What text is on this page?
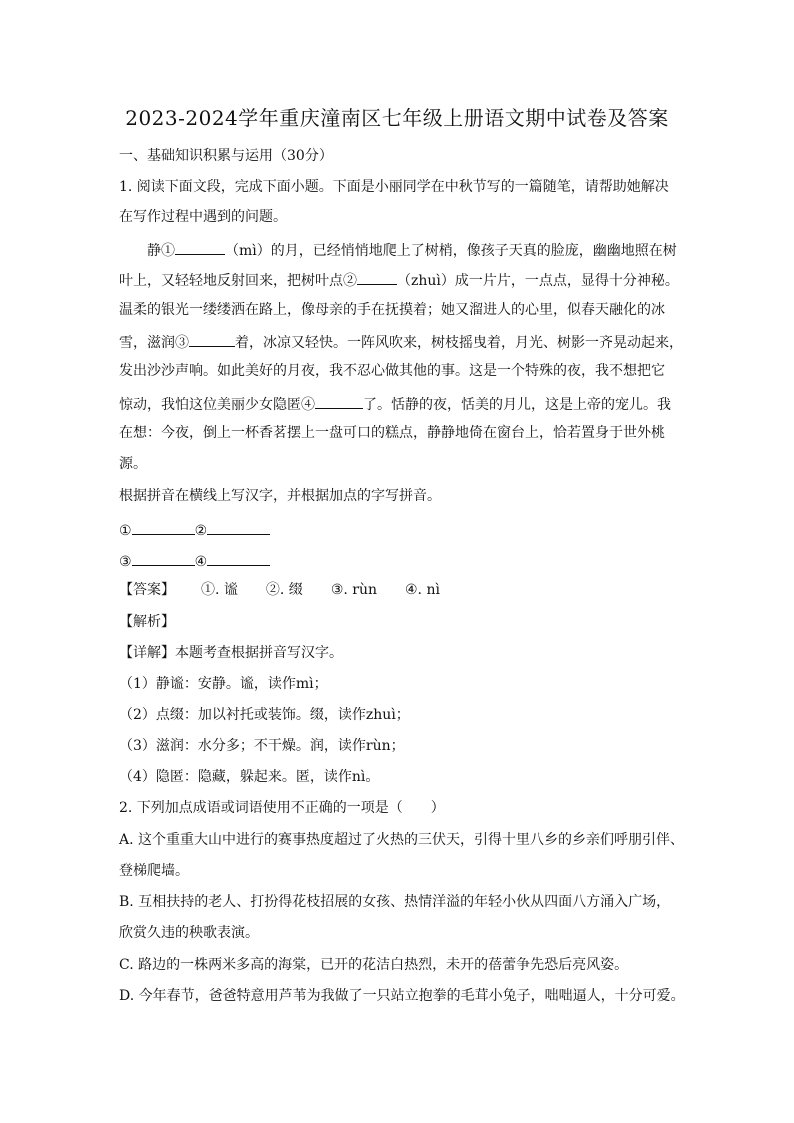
2023-2024学年重庆潼南区七年级上册语文期中试卷及答案
一、基础知识积累与运用（30分）
1. 阅读下面文段，完成下面小题。下面是小丽同学在中秋节写的一篇随笔，请帮助她解决
在写作过程中遇到的问题。
静①	（mì）的月，已经悄悄地爬上了树梢，像孩子天真的脸庞，幽幽地照在树
叶上，又轻轻地反射回来，把树叶点②	（zhuì）成一片片，一点点，显得十分神秘。
温柔的银光一缕缕洒在路上，像母亲的手在抚摸着；她又溜进人的心里，似春天融化的冰
雪，滋润③	着，冰凉又轻快。一阵风吹来，树枝摇曳着，月光、树影一齐晃动起来，
发出沙沙声响。如此美好的月夜，我不忍心做其他的事。这是一个特殊的夜，我不想把它
惊动，我怕这位美丽少女隐匿④	了。恬静的夜，恬美的月儿，这是上帝的宠儿。我
在想：今夜，倒上一杯香茗摆上一盘可口的糕点，静静地倚在窗台上，恰若置身于世外桃
源。
根据拼音在横线上写汉字，并根据加点的字写拼音。
①	②
③	④
【答案】 ①. 谧 ②. 缀 ③. rùn ④. nì
【解析】
【详解】本题考查根据拼音写汉字。
（1）静谧：安静。谧，读作mì；
（2）点缀：加以衬托或装饰。缀，读作zhuì；
（3）滋润：水分多；不干燥。润，读作rùn；
（4）隐匿：隐藏，躲起来。匿，读作nì。
2. 下列加点成语或词语使用不正确的一项是（　　）
A. 这个重重大山中进行的赛事热度超过了火热的三伏天，引得十里八乡的乡亲们呼朋引伴、
登梯爬墙。
B. 互相扶持的老人、打扮得花枝招展的女孩、热情洋溢的年轻小伙从四面八方涌入广场，
欣赏久违的秧歌表演。
C. 路边的一株两米多高的海棠，已开的花洁白热烈，未开的蓓蕾争先恐后亮风姿。
D. 今年春节，爸爸特意用芦苇为我做了一只站立抱拳的毛茸小兔子，咄咄逼人，十分可爱。
